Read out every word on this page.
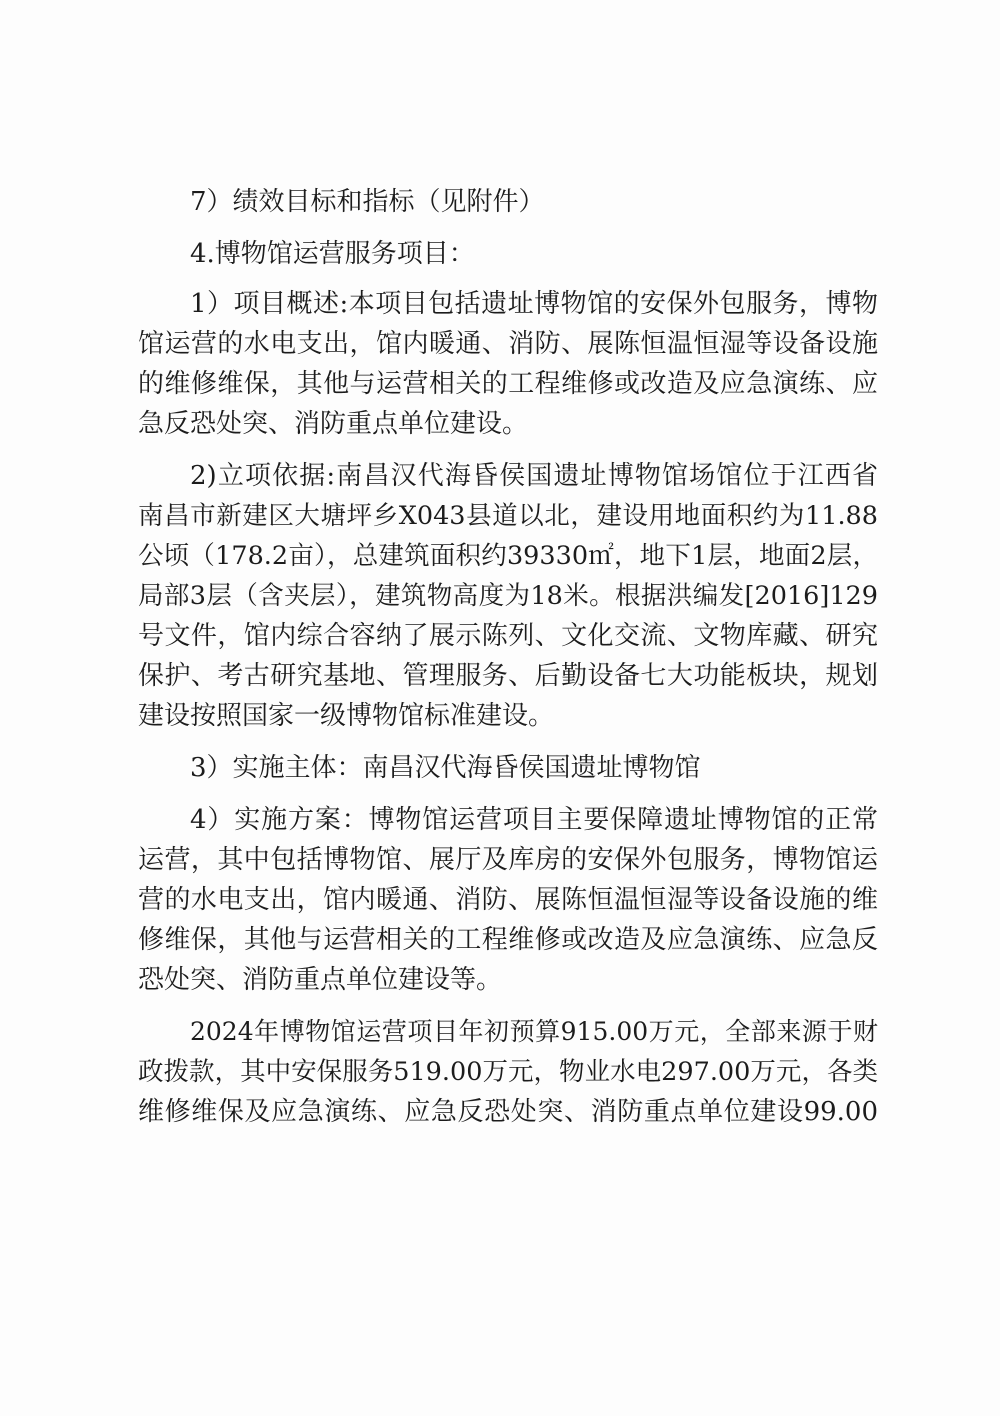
7）绩效目标和指标（见附件）
4.博物馆运营服务项目：
1）项目概述:本项目包括遗址博物馆的安保外包服务，博物
馆运营的水电支出，馆内暖通、消防、展陈恒温恒湿等设备设施
的维修维保，其他与运营相关的工程维修或改造及应急演练、应
急反恐处突、消防重点单位建设。
2)立项依据:南昌汉代海昏侯国遗址博物馆场馆位于江西省
南昌市新建区大塘坪乡X043县道以北，建设用地面积约为11.88
公顷（178.2亩），总建筑面积约39330㎡，地下1层，地面2层，
局部3层（含夹层），建筑物高度为18米。根据洪编发[2016]129
号文件，馆内综合容纳了展示陈列、文化交流、文物库藏、研究
保护、考古研究基地、管理服务、后勤设备七大功能板块，规划
建设按照国家一级博物馆标准建设。
3）实施主体：南昌汉代海昏侯国遗址博物馆
4）实施方案：博物馆运营项目主要保障遗址博物馆的正常
运营，其中包括博物馆、展厅及库房的安保外包服务，博物馆运
营的水电支出，馆内暖通、消防、展陈恒温恒湿等设备设施的维
修维保，其他与运营相关的工程维修或改造及应急演练、应急反
恐处突、消防重点单位建设等。
2024年博物馆运营项目年初预算915.00万元，全部来源于财
政拨款，其中安保服务519.00万元，物业水电297.00万元，各类
维修维保及应急演练、应急反恐处突、消防重点单位建设99.00
